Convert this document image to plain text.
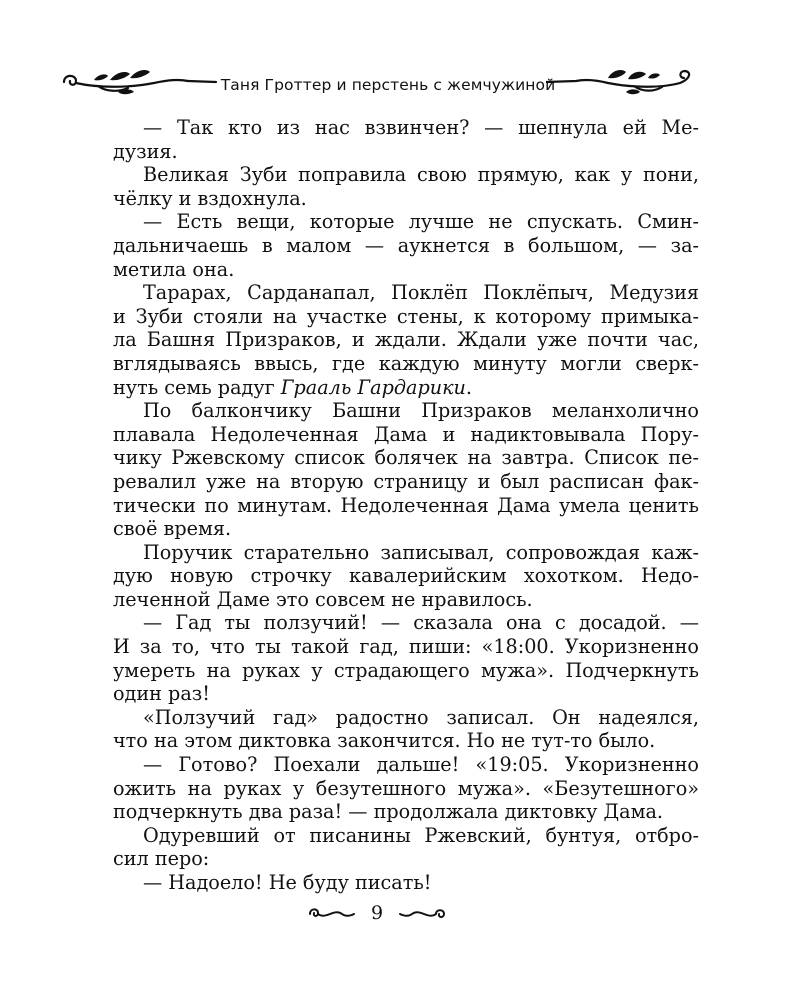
Таня Гроттер и перстень с жемчужиной
— Так кто из нас взвинчен? — шепнула ей Ме-
дузия.
Великая Зуби поправила свою прямую, как у пони,
чёлку и вздохнула.
— Есть вещи, которые лучше не спускать. Смин-
дальничаешь в малом — аукнется в большом, — за-
метила она.
Тарарах, Сарданапал, Поклёп Поклёпыч, Медузия
и Зуби стояли на участке стены, к которому примыка-
ла Башня Призраков, и ждали. Ждали уже почти час,
вглядываясь ввысь, где каждую минуту могли сверк-
нуть семь радуг Грааль Гардарики.
По балкончику Башни Призраков меланхолично
плавала Недолеченная Дама и надиктовывала Пору-
чику Ржевскому список болячек на завтра. Список пе-
ревалил уже на вторую страницу и был расписан фак-
тически по минутам. Недолеченная Дама умела ценить
своё время.
Поручик старательно записывал, сопровождая каж-
дую новую строчку кавалерийским хохотком. Недо-
леченной Даме это совсем не нравилось.
— Гад ты ползучий! — сказала она с досадой. —
И за то, что ты такой гад, пиши: «18:00. Укоризненно
умереть на руках у страдающего мужа». Подчеркнуть
один раз!
«Ползучий гад» радостно записал. Он надеялся,
что на этом диктовка закончится. Но не тут-то было.
— Готово? Поехали дальше! «19:05. Укоризненно
ожить на руках у безутешного мужа». «Безутешного»
подчеркнуть два раза! — продолжала диктовку Дама.
Одуревший от писанины Ржевский, бунтуя, отбро-
сил перо:
— Надоело! Не буду писать!
9
